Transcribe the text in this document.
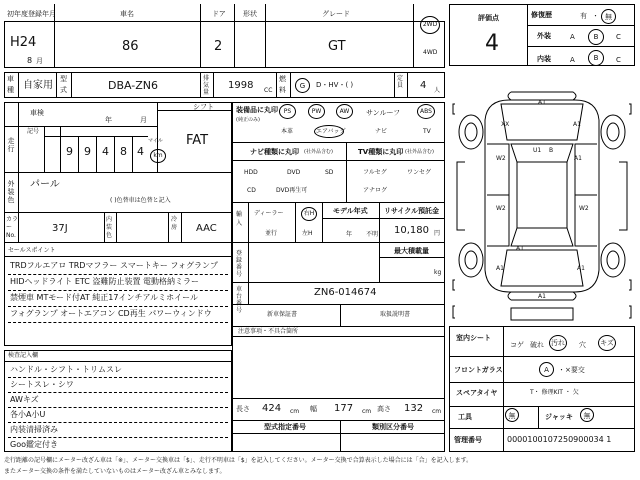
初年度登録年月
H24
8 月
車名
86
ドア
2
形状	グレード
GT
2WD
4WD
車
種 自家用
型
式	DBA-ZN6
排気量
1998 CC
燃
料	G	D・HV・( )
定員 4 人
車検
年	月
シフト
FAT
走行
記号
9 9 4 8 4
マイル
km
外装色 パール
( )色替車は色替と記入
カラーNo.
37J
内装色
冷房 AAC
セールスポイント
TRDフルエアロ TRDマフラー スマートキー フォグランプ
HIDヘッドライト ETC 盗難防止装置 電動格納ミラー
禁煙車 MTモード付AT 純正17インチアルミホイール
フォグランプ オートエアコン CD再生 パワーウィンドウ
検査記入欄
ハンドル・シフト・トリムスレ
シートスレ・シワ
AWキズ
各小A小U
内装清掃済み
Goo鑑定付き
装備品に丸印
(純正のみ)
PS	PW	AW	サンルーフ	ABS
本革	エアバッグ	ナビ	TV
ナビ種類に丸印 (社外品含む)	TV種類に丸印 (社外品含む)
HDD	DVD	SD
CD	DVD再生可
フルセグ	ワンセグ
アナログ
輸入
ディーラー
並行
右H
左H
モデル年式
年 不明
リサイクル預託金
10,180 円
登録番号
最大積載量
kg
車台番号
ZN6-014674
新車保証書	取扱説明書
注意事項・不具合箇所
長さ 424 cm 幅 177 cm 高さ 132 cm
型式指定番号	類別区分番号
評価点
4
修復歴	有 ・ 無
外装	A	B	C
内装	A	B	C
A1
W2	A1
XX	A1
W2	W2
A1	A1
A1
A1
U1 B
室内シート
コゲ 破れ 汚れ 穴 キズ
フロントガラス	A	・×要交
スペアタイヤ	T・ 修理KIT ・ 欠
工具	無	ジャッキ	無
管理番号	0000100107250900034 1
走行距離の記号欄にメーター改ざん車は「※」、メーター交換車は「$」、走行不明車は「$」を記入してください。メーター交換で合算表示した場合には「合」を記入します。
またメーター交換の条件を満たしていないものはメーター改ざん車とみなします。
